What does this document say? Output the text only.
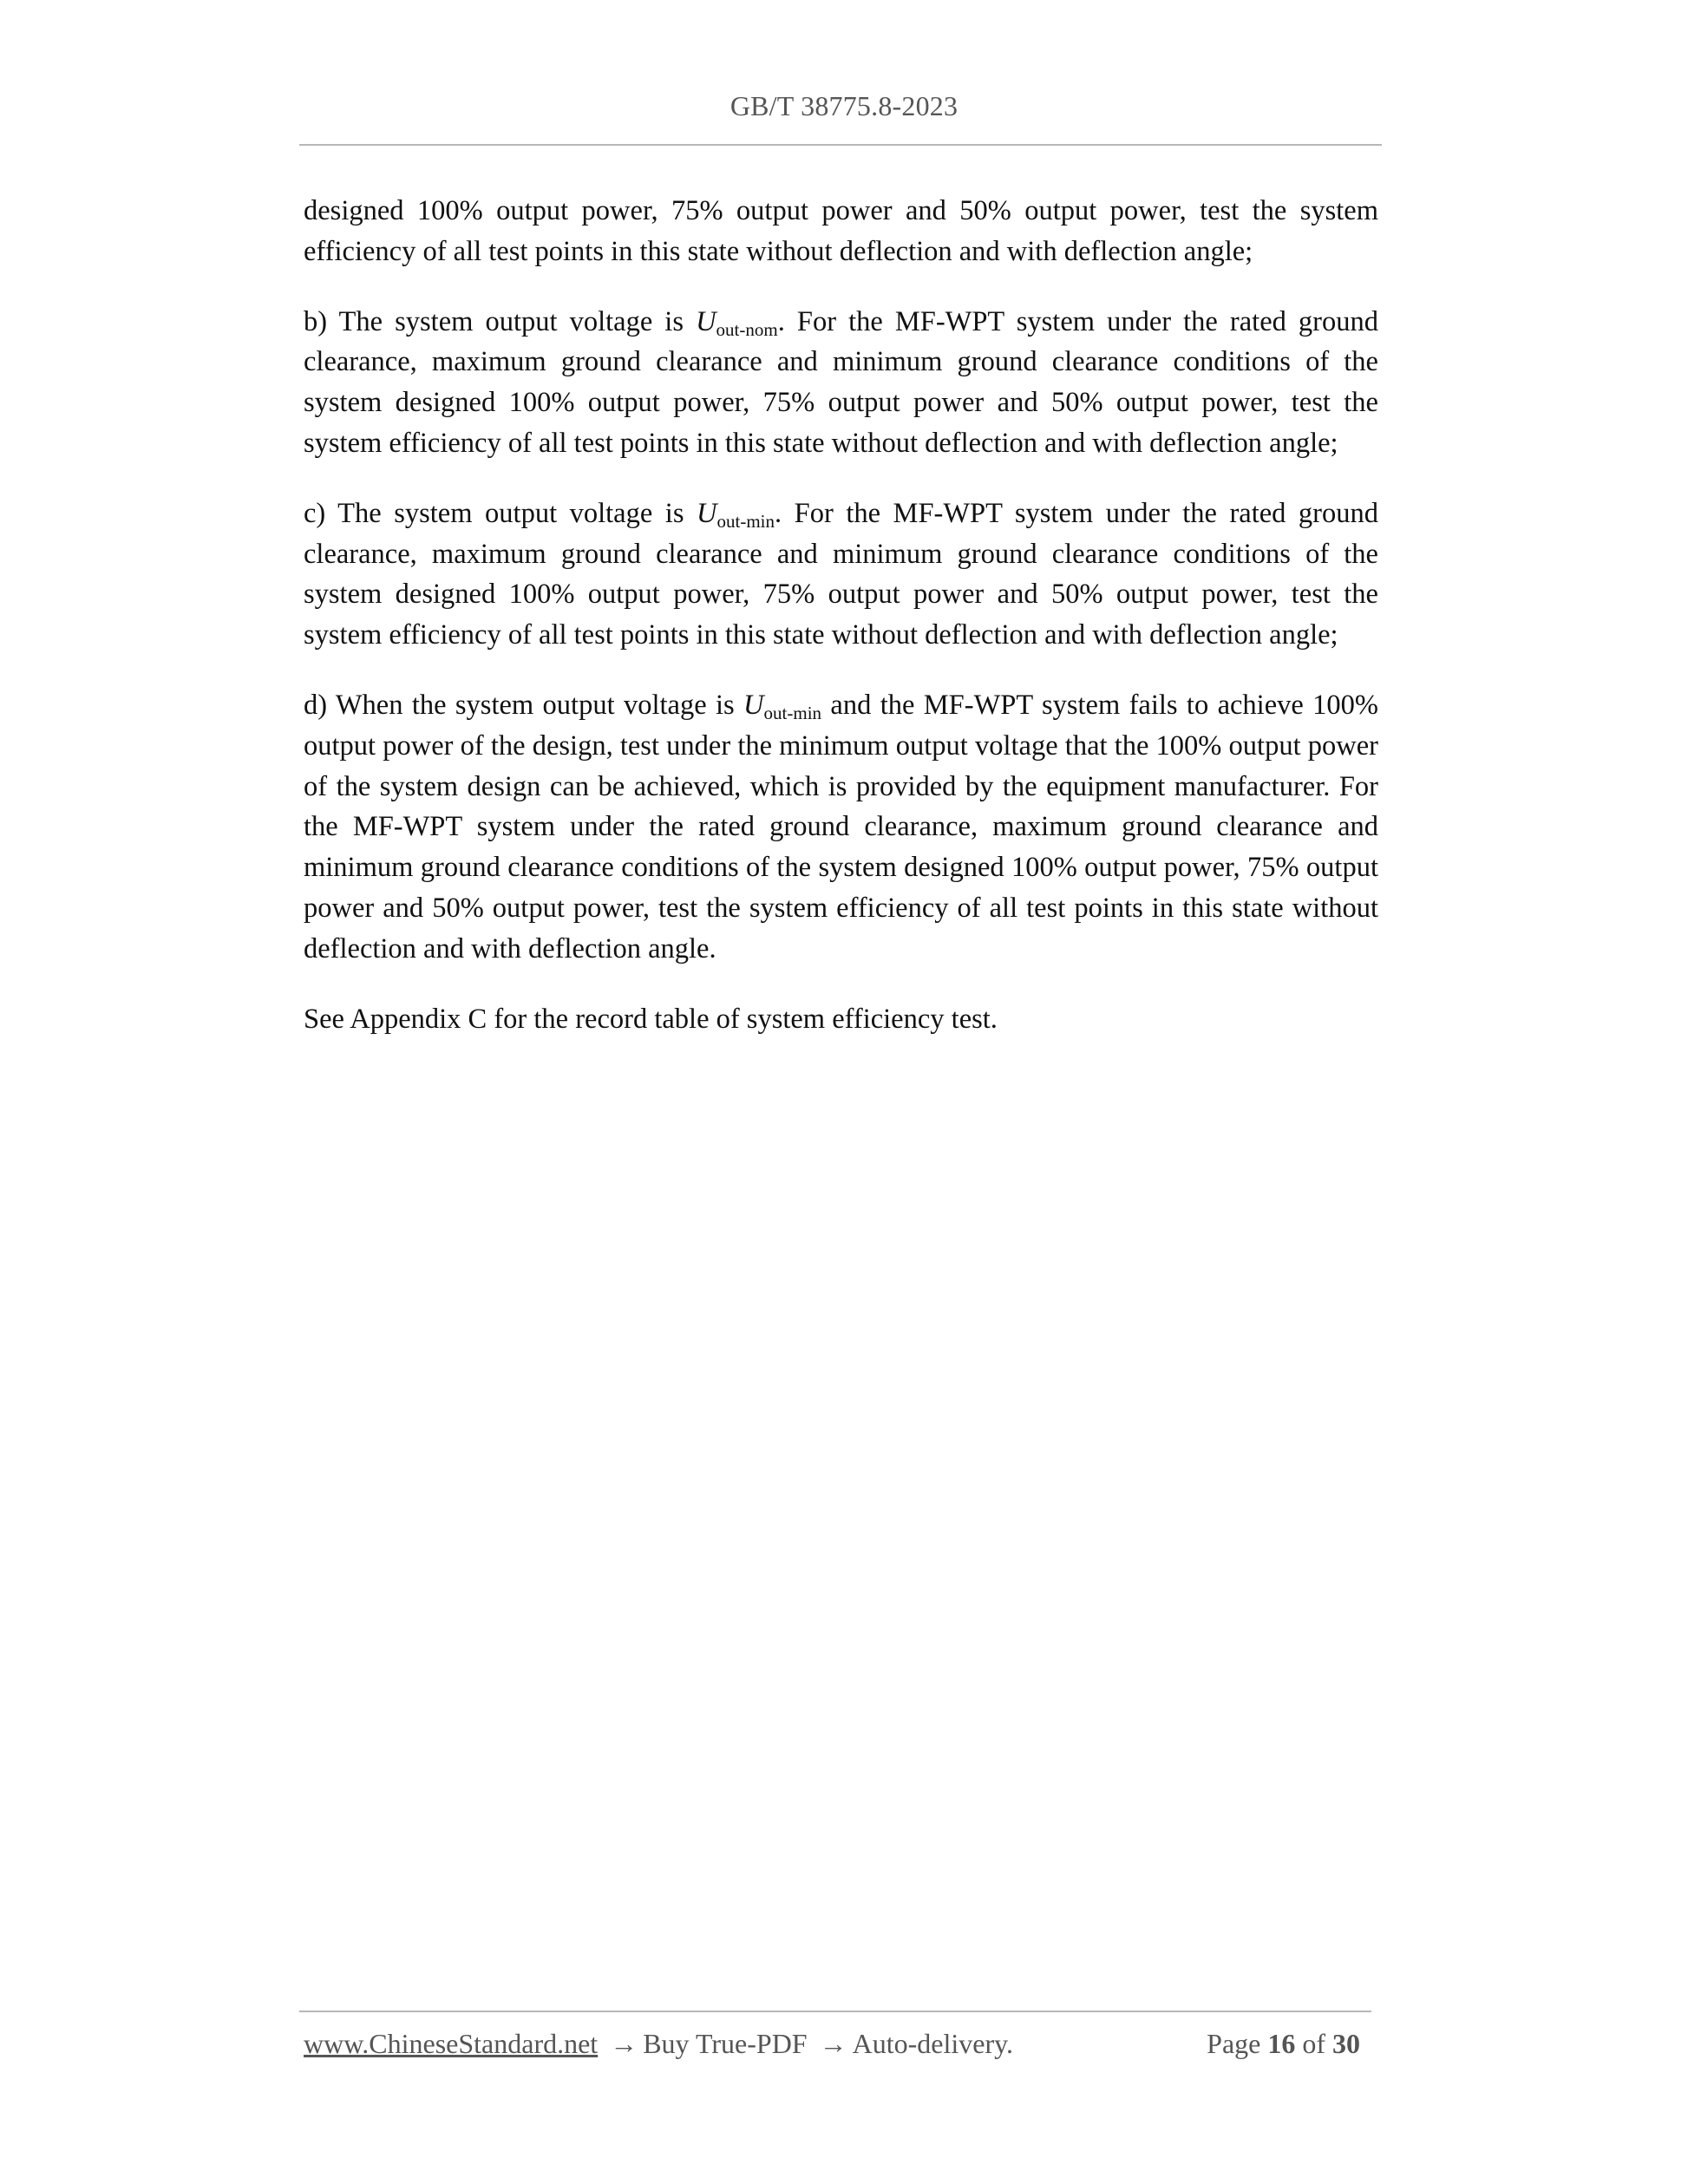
GB/T 38775.8-2023

designed 100% output power, 75% output power and 50% output power, test the system efficiency of all test points in this state without deflection and with deflection angle;

b) The system output voltage is $U_{out-nom}$. For the MF-WPT system under the rated ground clearance, maximum ground clearance and minimum ground clearance conditions of the system designed 100% output power, 75% output power and 50% output power, test the system efficiency of all test points in this state without deflection and with deflection angle;

c) The system output voltage is $U_{out-min}$. For the MF-WPT system under the rated ground clearance, maximum ground clearance and minimum ground clearance conditions of the system designed 100% output power, 75% output power and 50% output power, test the system efficiency of all test points in this state without deflection and with deflection angle;

d) When the system output voltage is $U_{out-min}$ and the MF-WPT system fails to achieve 100% output power of the design, test under the minimum output voltage that the 100% output power of the system design can be achieved, which is provided by the equipment manufacturer. For the MF-WPT system under the rated ground clearance, maximum ground clearance and minimum ground clearance conditions of the system designed 100% output power, 75% output power and 50% output power, test the system efficiency of all test points in this state without deflection and with deflection angle.

See Appendix C for the record table of system efficiency test.

www.ChineseStandard.net → Buy True-PDF → Auto-delivery.	Page 16 of 30
